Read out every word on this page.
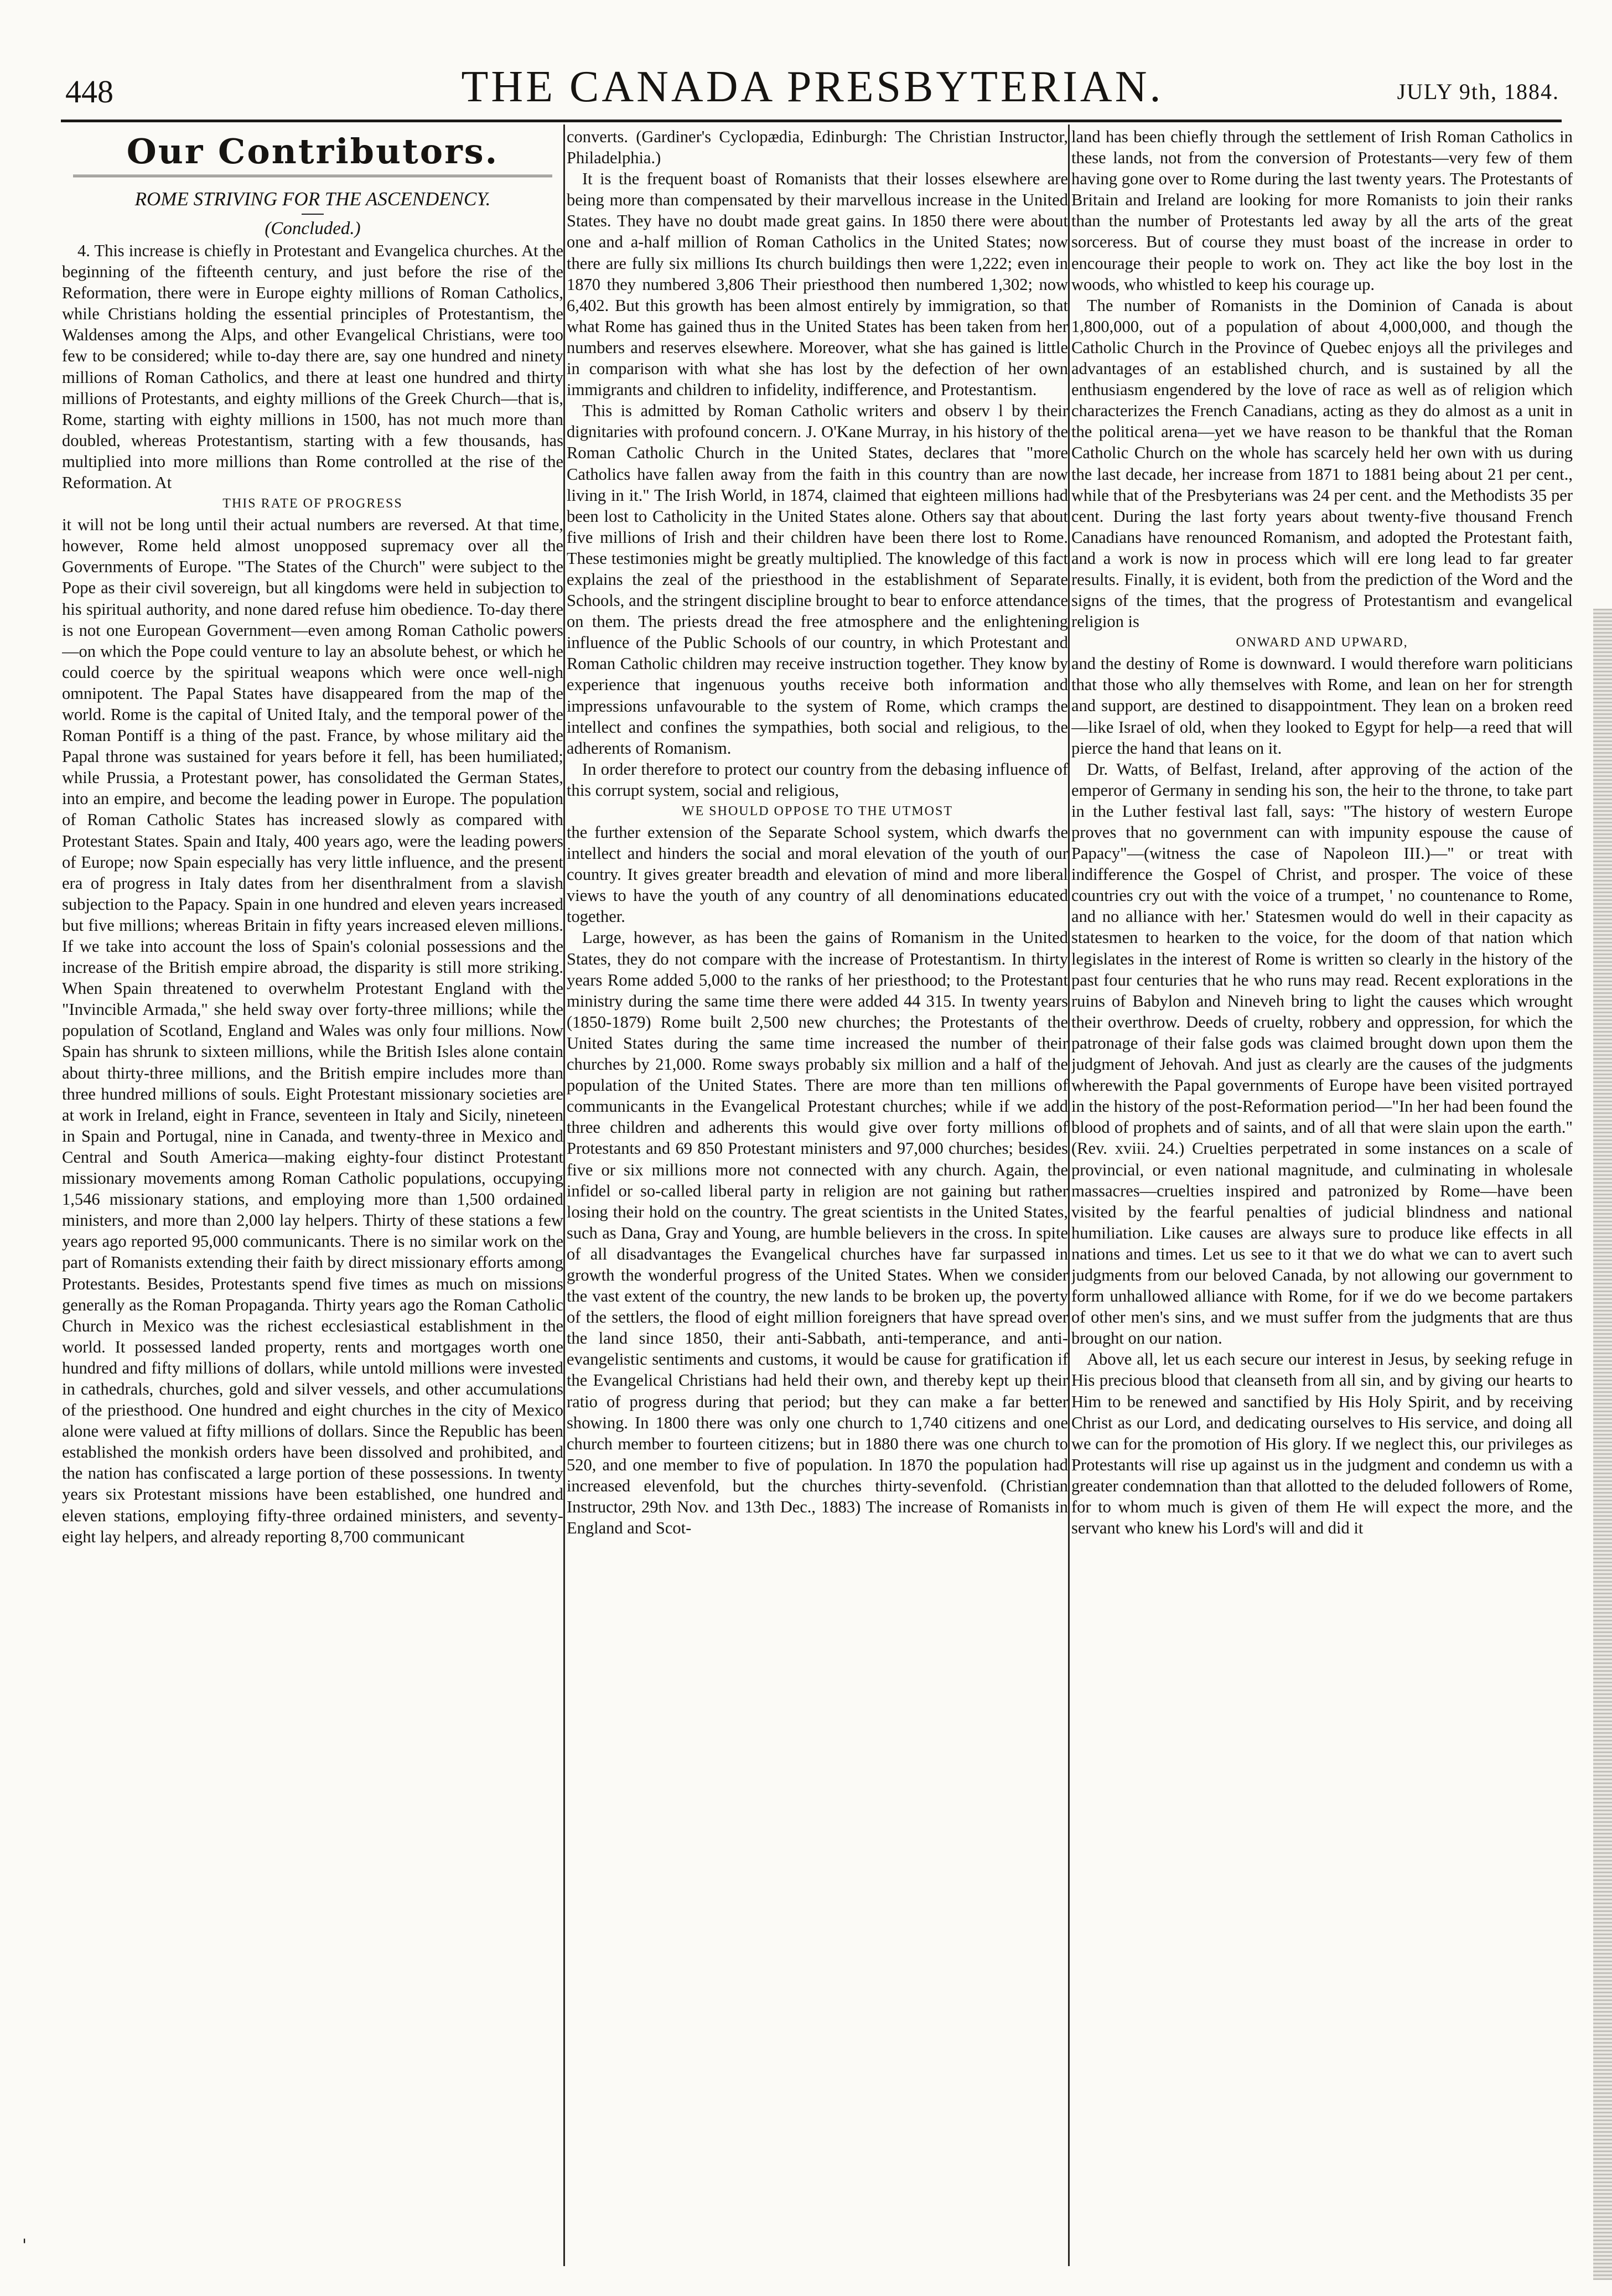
448	THE CANADA PRESBYTERIAN.	JULY 9th, 1884.
Our Contributors.
ROME STRIVING FOR THE ASCENDENCY.
(Concluded.)

4. This increase is chiefly in Protestant and Evangelica churches. At the beginning of the fifteenth century, and just before the rise of the Reformation, there were in Europe eighty millions of Roman Catholics, while Christians holding the essential principles of Protestantism, the Waldenses among the Alps, and other Evangelical Christians, were too few to be considered; while to-day there are, say one hundred and ninety millions of Roman Catholics, and there at least one hundred and thirty millions of Protestants, and eighty millions of the Greek Church—that is, Rome, starting with eighty millions in 1500, has not much more than doubled, whereas Protestantism, starting with a few thousands, has multiplied into more millions than Rome controlled at the rise of the Reformation. At

THIS RATE OF PROGRESS

it will not be long until their actual numbers are reversed. At that time, however, Rome held almost unopposed supremacy over all the Governments of Europe. "The States of the Church" were subject to the Pope as their civil sovereign, but all kingdoms were held in subjection to his spiritual authority, and none dared refuse him obedience. To-day there is not one European Government—even among Roman Catholic powers—on which the Pope could venture to lay an absolute behest, or which he could coerce by the spiritual weapons which were once well-nigh omnipotent. The Papal States have disappeared from the map of the world. Rome is the capital of United Italy, and the temporal power of the Roman Pontiff is a thing of the past. France, by whose military aid the Papal throne was sustained for years before it fell, has been humiliated; while Prussia, a Protestant power, has consolidated the German States, into an empire, and become the leading power in Europe. The population of Roman Catholic States has increased slowly as compared with Protestant States. Spain and Italy, 400 years ago, were the leading powers of Europe; now Spain especially has very little influence, and the present era of progress in Italy dates from her disenthralment from a slavish subjection to the Papacy. Spain in one hundred and eleven years increased but five millions; whereas Britain in fifty years increased eleven millions. If we take into account the loss of Spain's colonial possessions and the increase of the British empire abroad, the disparity is still more striking. When Spain threatened to overwhelm Protestant England with the "Invincible Armada," she held sway over forty-three millions; while the population of Scotland, England and Wales was only four millions. Now Spain has shrunk to sixteen millions, while the British Isles alone contain about thirty-three millions, and the British empire includes more than three hundred millions of souls. Eight Protestant missionary societies are at work in Ireland, eight in France, seventeen in Italy and Sicily, nineteen in Spain and Portugal, nine in Canada, and twenty-three in Mexico and Central and South America—making eighty-four distinct Protestant missionary movements among Roman Catholic populations, occupying 1,546 missionary stations, and employing more than 1,500 ordained ministers, and more than 2,000 lay helpers. Thirty of these stations a few years ago reported 95,000 communicants. There is no similar work on the part of Romanists extending their faith by direct missionary efforts among Protestants. Besides, Protestants spend five times as much on missions generally as the Roman Propaganda. Thirty years ago the Roman Catholic Church in Mexico was the richest ecclesiastical establishment in the world. It possessed landed property, rents and mortgages worth one hundred and fifty millions of dollars, while untold millions were invested in cathedrals, churches, gold and silver vessels, and other accumulations of the priesthood. One hundred and eight churches in the city of Mexico alone were valued at fifty millions of dollars. Since the Republic has been established the monkish orders have been dissolved and prohibited, and the nation has confiscated a large portion of these possessions. In twenty years six Protestant missions have been established, one hundred and eleven stations, employing fifty-three ordained ministers, and seventy-eight lay helpers, and already reporting 8,700 communicant

converts. (Gardiner's Cyclopædia, Edinburgh: The Christian Instructor, Philadelphia.)

It is the frequent boast of Romanists that their losses elsewhere are being more than compensated by their marvellous increase in the United States. They have no doubt made great gains. In 1850 there were about one and a-half million of Roman Catholics in the United States; now there are fully six millions Its church buildings then were 1,222; even in 1870 they numbered 3,806 Their priesthood then numbered 1,302; now 6,402. But this growth has been almost entirely by immigration, so that what Rome has gained thus in the United States has been taken from her numbers and reserves elsewhere. Moreover, what she has gained is little in comparison with what she has lost by the defection of her own immigrants and children to infidelity, indifference, and Protestantism.

This is admitted by Roman Catholic writers and observ l by their dignitaries with profound concern. J. O'Kane Murray, in his history of the Roman Catholic Church in the United States, declares that "more Catholics have fallen away from the faith in this country than are now living in it." The Irish World, in 1874, claimed that eighteen millions had been lost to Catholicity in the United States alone. Others say that about five millions of Irish and their children have been there lost to Rome. These testimonies might be greatly multiplied. The knowledge of this fact explains the zeal of the priesthood in the establishment of Separate Schools, and the stringent discipline brought to bear to enforce attendance on them. The priests dread the free atmosphere and the enlightening influence of the Public Schools of our country, in which Protestant and Roman Catholic children may receive instruction together. They know by experience that ingenuous youths receive both information and impressions unfavourable to the system of Rome, which cramps the intellect and confines the sympathies, both social and religious, to the adherents of Romanism.

In order therefore to protect our country from the debasing influence of this corrupt system, social and religious,

WE SHOULD OPPOSE TO THE UTMOST

the further extension of the Separate School system, which dwarfs the intellect and hinders the social and moral elevation of the youth of our country. It gives greater breadth and elevation of mind and more liberal views to have the youth of any country of all denominations educated together.

Large, however, as has been the gains of Romanism in the United States, they do not compare with the increase of Protestantism. In thirty years Rome added 5,000 to the ranks of her priesthood; to the Protestant ministry during the same time there were added 44 315. In twenty years (1850-1879) Rome built 2,500 new churches; the Protestants of the United States during the same time increased the number of their churches by 21,000. Rome sways probably six million and a half of the population of the United States. There are more than ten millions of communicants in the Evangelical Protestant churches; while if we add three children and adherents this would give over forty millions of Protestants and 69 850 Protestant ministers and 97,000 churches; besides five or six millions more not connected with any church. Again, the infidel or so-called liberal party in religion are not gaining but rather losing their hold on the country. The great scientists in the United States, such as Dana, Gray and Young, are humble believers in the cross. In spite of all disadvantages the Evangelical churches have far surpassed in growth the wonderful progress of the United States. When we consider the vast extent of the country, the new lands to be broken up, the poverty of the settlers, the flood of eight million foreigners that have spread over the land since 1850, their anti-Sabbath, anti-temperance, and anti-evangelistic sentiments and customs, it would be cause for gratification if the Evangelical Christians had held their own, and thereby kept up their ratio of progress during that period; but they can make a far better showing. In 1800 there was only one church to 1,740 citizens and one church member to fourteen citizens; but in 1880 there was one church to 520, and one member to five of population. In 1870 the population had increased elevenfold, but the churches thirty-sevenfold. (Christian Instructor, 29th Nov. and 13th Dec., 1883) The increase of Romanists in England and Scot-

land has been chiefly through the settlement of Irish Roman Catholics in these lands, not from the conversion of Protestants—very few of them having gone over to Rome during the last twenty years. The Protestants of Britain and Ireland are looking for more Romanists to join their ranks than the number of Protestants led away by all the arts of the great sorceress. But of course they must boast of the increase in order to encourage their people to work on. They act like the boy lost in the woods, who whistled to keep his courage up.

The number of Romanists in the Dominion of Canada is about 1,800,000, out of a population of about 4,000,000, and though the Catholic Church in the Province of Quebec enjoys all the privileges and advantages of an established church, and is sustained by all the enthusiasm engendered by the love of race as well as of religion which characterizes the French Canadians, acting as they do almost as a unit in the political arena—yet we have reason to be thankful that the Roman Catholic Church on the whole has scarcely held her own with us during the last decade, her increase from 1871 to 1881 being about 21 per cent., while that of the Presbyterians was 24 per cent. and the Methodists 35 per cent. During the last forty years about twenty-five thousand French Canadians have renounced Romanism, and adopted the Protestant faith, and a work is now in process which will ere long lead to far greater results. Finally, it is evident, both from the prediction of the Word and the signs of the times, that the progress of Protestantism and evangelical religion is

ONWARD AND UPWARD,

and the destiny of Rome is downward. I would therefore warn politicians that those who ally themselves with Rome, and lean on her for strength and support, are destined to disappointment. They lean on a broken reed—like Israel of old, when they looked to Egypt for help—a reed that will pierce the hand that leans on it.

Dr. Watts, of Belfast, Ireland, after approving of the action of the emperor of Germany in sending his son, the heir to the throne, to take part in the Luther festival last fall, says: "The history of western Europe proves that no government can with impunity espouse the cause of Papacy"—(witness the case of Napoleon III.)—" or treat with indifference the Gospel of Christ, and prosper. The voice of these countries cry out with the voice of a trumpet, ' no countenance to Rome, and no alliance with her.' Statesmen would do well in their capacity as statesmen to hearken to the voice, for the doom of that nation which legislates in the interest of Rome is written so clearly in the history of the past four centuries that he who runs may read. Recent explorations in the ruins of Babylon and Nineveh bring to light the causes which wrought their overthrow. Deeds of cruelty, robbery and oppression, for which the patronage of their false gods was claimed brought down upon them the judgment of Jehovah. And just as clearly are the causes of the judgments wherewith the Papal governments of Europe have been visited portrayed in the history of the post-Reformation period—"In her had been found the blood of prophets and of saints, and of all that were slain upon the earth." (Rev. xviii. 24.) Cruelties perpetrated in some instances on a scale of provincial, or even national magnitude, and culminating in wholesale massacres—cruelties inspired and patronized by Rome—have been visited by the fearful penalties of judicial blindness and national humiliation. Like causes are always sure to produce like effects in all nations and times. Let us see to it that we do what we can to avert such judgments from our beloved Canada, by not allowing our government to form unhallowed alliance with Rome, for if we do we become partakers of other men's sins, and we must suffer from the judgments that are thus brought on our nation.

Above all, let us each secure our interest in Jesus, by seeking refuge in His precious blood that cleanseth from all sin, and by giving our hearts to Him to be renewed and sanctified by His Holy Spirit, and by receiving Christ as our Lord, and dedicating ourselves to His service, and doing all we can for the promotion of His glory. If we neglect this, our privileges as Protestants will rise up against us in the judgment and condemn us with a greater condemnation than that allotted to the deluded followers of Rome, for to whom much is given of them He will expect the more, and the servant who knew his Lord's will and did it

'
